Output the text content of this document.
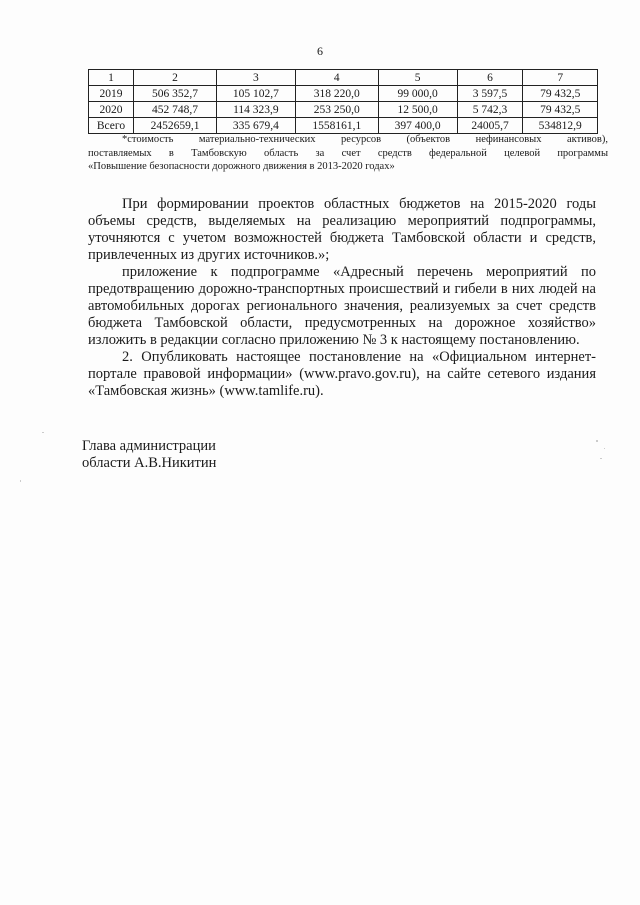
6
1	2	3	4	5	6	7
2019	506 352,7	105 102,7	318 220,0	99 000,0	3 597,5	79 432,5
2020	452 748,7	114 323,9	253 250,0	12 500,0	5 742,3	79 432,5
Всего	2452659,1	335 679,4	1558161,1	397 400,0	24005,7	534812,9

*стоимость материально-технических ресурсов (объектов нефинансовых активов),

поставляемых в Тамбовскую область за счет средств федеральной целевой программы

«Повышение безопасности дорожного движения в 2013-2020 годах»

При формировании проектов областных бюджетов на 2015-2020 годы объемы средств, выделяемых на реализацию мероприятий подпрограммы, уточняются с учетом возможностей бюджета Тамбовской области и средств, привлеченных из других источников.»;

приложение к подпрограмме «Адресный перечень мероприятий по предотвращению дорожно-транспортных происшествий и гибели в них людей на автомобильных дорогах регионального значения, реализуемых за счет средств бюджета Тамбовской области, предусмотренных на дорожное хозяйство» изложить в редакции согласно приложению № 3 к настоящему постановлению.

2. Опубликовать настоящее постановление на «Официальном интернет-портале правовой информации» (www.pravo.gov.ru), на сайте сетевого издания «Тамбовская жизнь» (www.tamlife.ru).

Глава администрации
области А.В.Никитин
